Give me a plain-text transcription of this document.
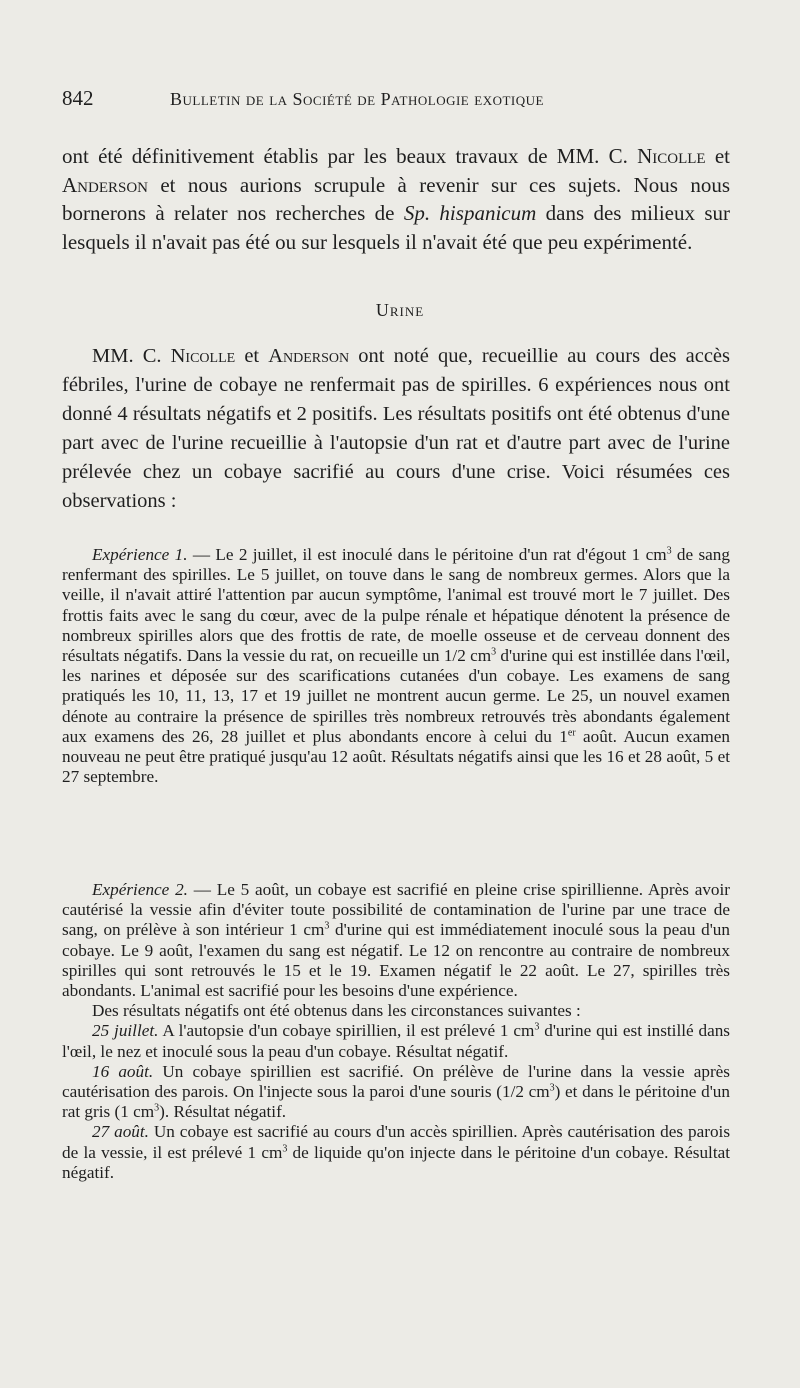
842	Bulletin de la Société de Pathologie exotique

ont été définitivement établis par les beaux travaux de MM. C. Nicolle et Anderson et nous aurions scrupule à revenir sur ces sujets. Nous nous bornerons à relater nos recherches de Sp. hispanicum dans des milieux sur lesquels il n'avait pas été ou sur lesquels il n'avait été que peu expérimenté.

Urine

MM. C. Nicolle et Anderson ont noté que, recueillie au cours des accès fébriles, l'urine de cobaye ne renfermait pas de spirilles. 6 expériences nous ont donné 4 résultats négatifs et 2 positifs. Les résultats positifs ont été obtenus d'une part avec de l'urine recueillie à l'autopsie d'un rat et d'autre part avec de l'urine prélevée chez un cobaye sacrifié au cours d'une crise. Voici résumées ces observations :

Expérience 1. — Le 2 juillet, il est inoculé dans le péritoine d'un rat d'égout 1 $cm^3$ de sang renfermant des spirilles. Le 5 juillet, on touve dans le sang de nombreux germes. Alors que la veille, il n'avait attiré l'attention par aucun symptôme, l'animal est trouvé mort le 7 juillet. Des frottis faits avec le sang du cœur, avec de la pulpe rénale et hépatique dénotent la présence de nombreux spirilles alors que des frottis de rate, de moelle osseuse et de cerveau donnent des résultats négatifs. Dans la vessie du rat, on recueille un 1/2 $cm^3$ d'urine qui est instillée dans l'œil, les narines et déposée sur des scarifications cutanées d'un cobaye. Les examens de sang pratiqués les 10, 11, 13, 17 et 19 juillet ne montrent aucun germe. Le 25, un nouvel examen dénote au contraire la présence de spirilles très nombreux retrouvés très abondants également aux examens des 26, 28 juillet et plus abondants encore à celui du 1er août. Aucun examen nouveau ne peut être pratiqué jusqu'au 12 août. Résultats négatifs ainsi que les 16 et 28 août, 5 et 27 septembre.

Expérience 2. — Le 5 août, un cobaye est sacrifié en pleine crise spirillienne. Après avoir cautérisé la vessie afin d'éviter toute possibilité de contamination de l'urine par une trace de sang, on prélève à son intérieur 1 $cm^3$ d'urine qui est immédiatement inoculé sous la peau d'un cobaye. Le 9 août, l'examen du sang est négatif. Le 12 on rencontre au contraire de nombreux spirilles qui sont retrouvés le 15 et le 19. Examen négatif le 22 août. Le 27, spirilles très abondants. L'animal est sacrifié pour les besoins d'une expérience.

Des résultats négatifs ont été obtenus dans les circonstances suivantes :

25 juillet. A l'autopsie d'un cobaye spirillien, il est prélevé 1 $cm^3$ d'urine qui est instillé dans l'œil, le nez et inoculé sous la peau d'un cobaye. Résultat négatif.

16 août. Un cobaye spirillien est sacrifié. On prélève de l'urine dans la vessie après cautérisation des parois. On l'injecte sous la paroi d'une souris (1/2 $cm^3$) et dans le péritoine d'un rat gris (1 $cm^3$). Résultat négatif.

27 août. Un cobaye est sacrifié au cours d'un accès spirillien. Après cautérisation des parois de la vessie, il est prélevé 1 $cm^3$ de liquide qu'on injecte dans le péritoine d'un cobaye. Résultat négatif.
